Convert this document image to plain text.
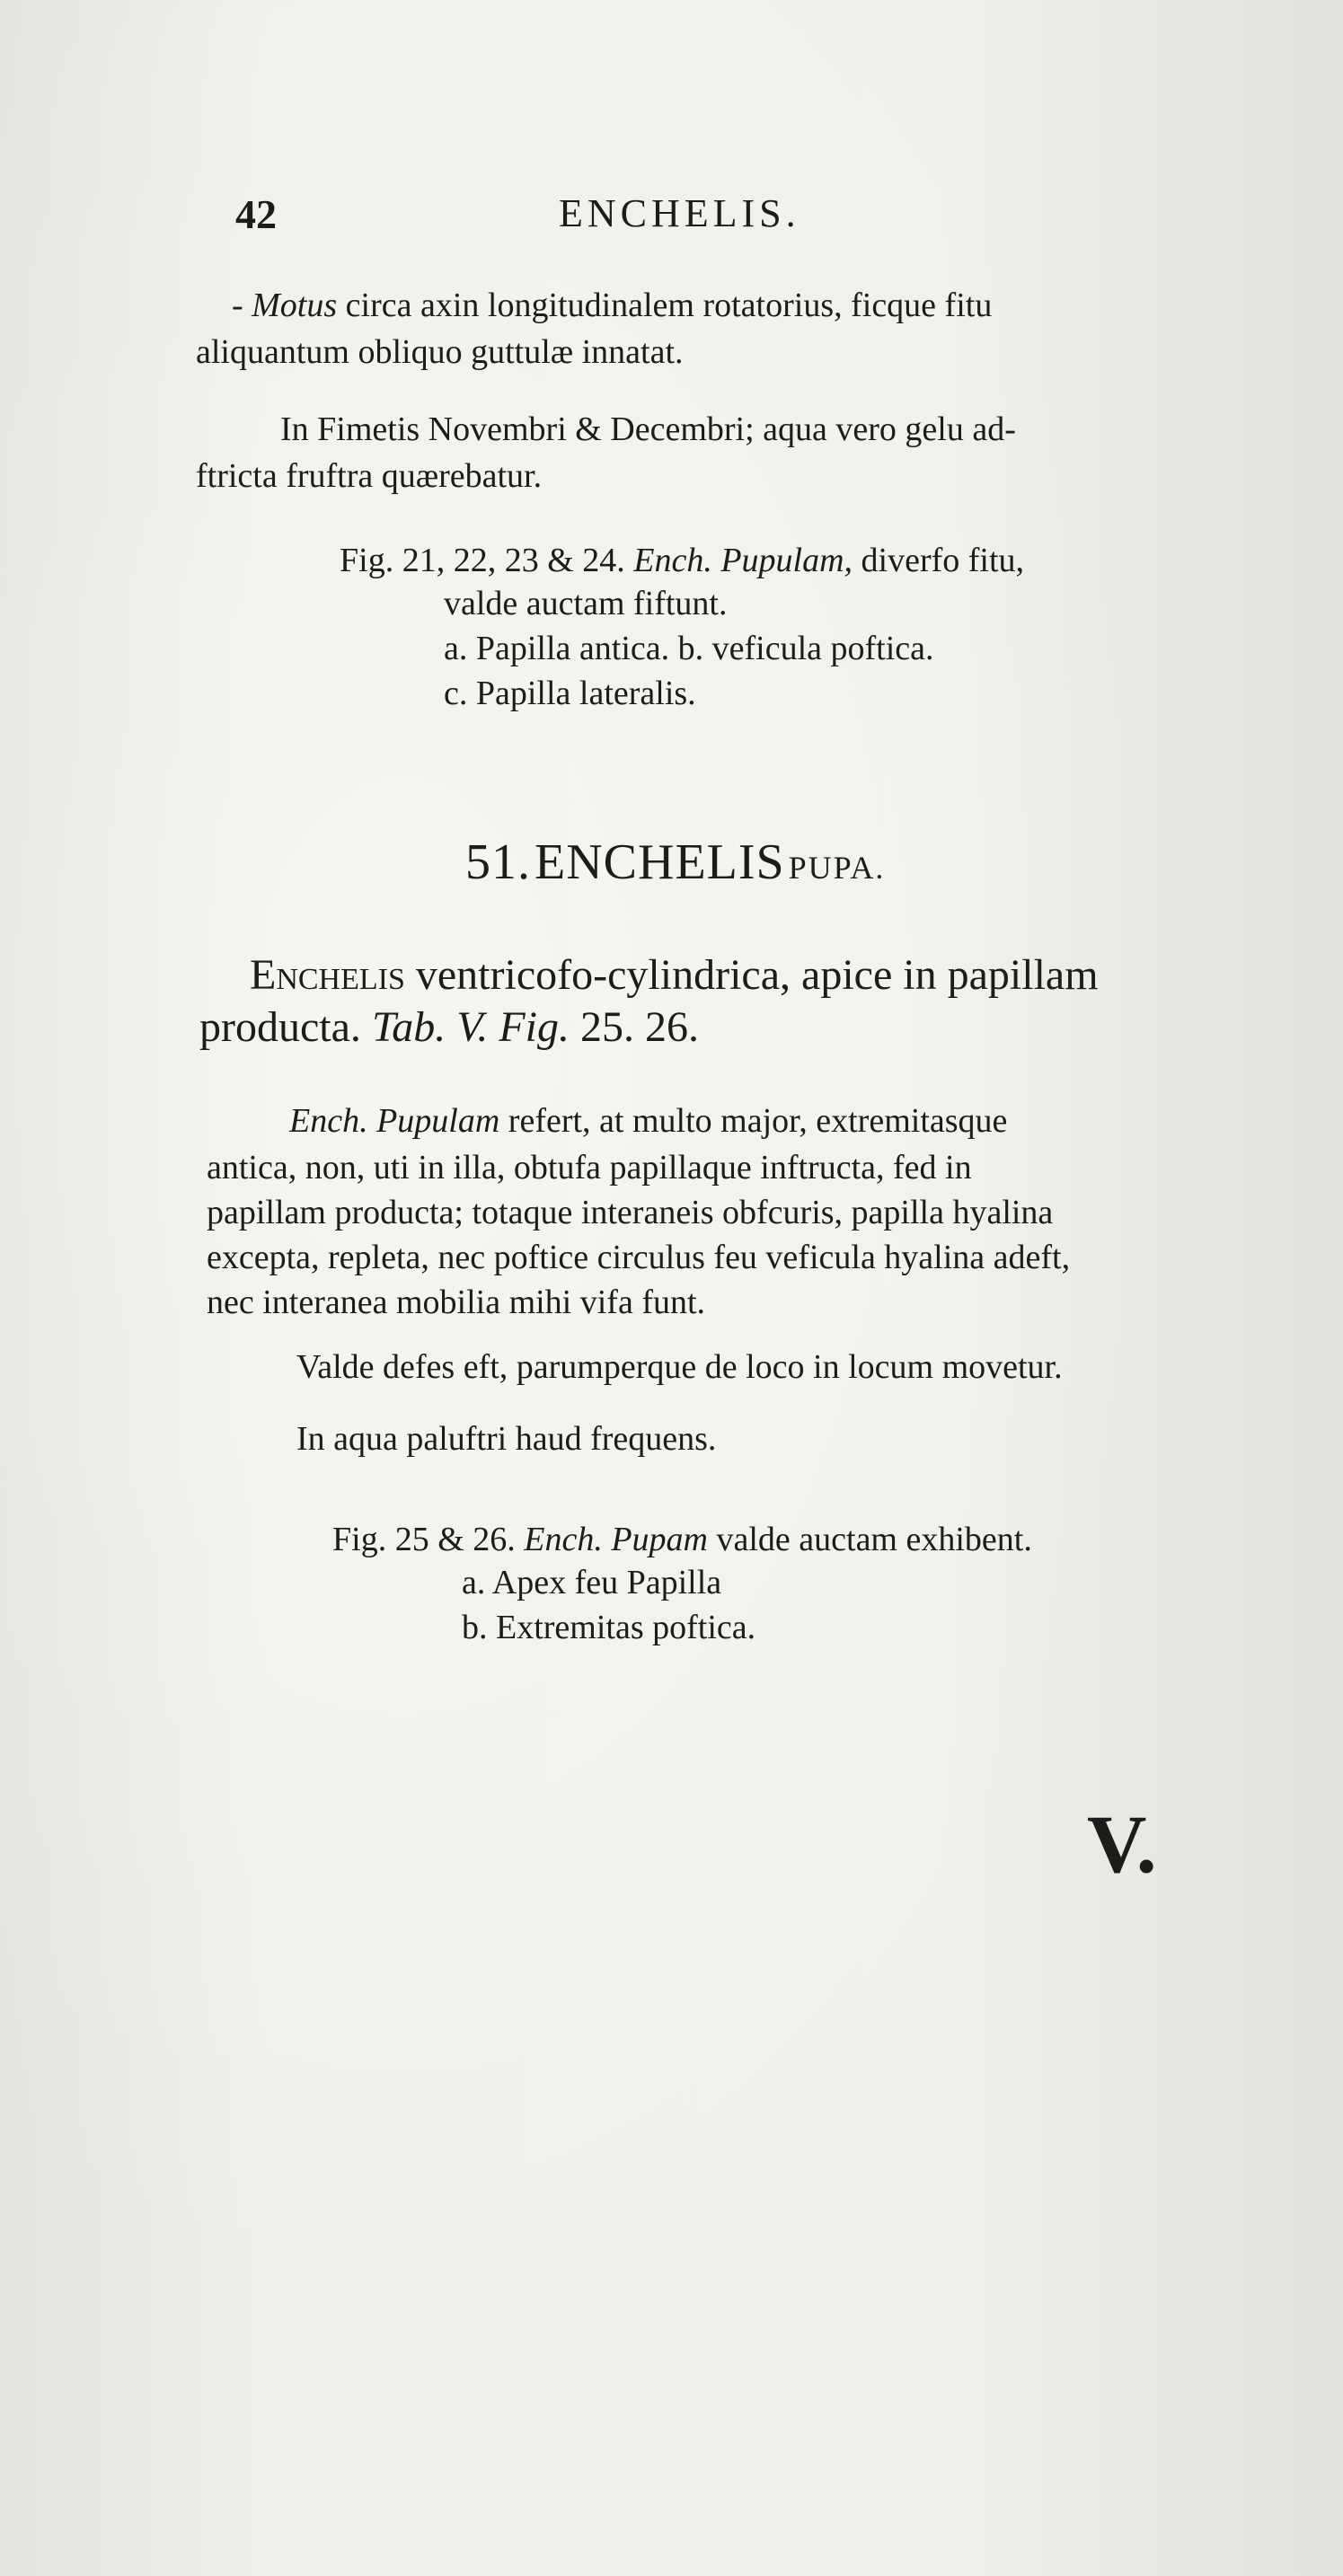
42	ENCHELIS.
- Motus circa axin longitudinalem rotatorius, ficque fitu
aliquantum obliquo guttulæ innatat.
In Fimetis Novembri & Decembri; aqua vero gelu ad-
ftricta fruftra quærebatur.
Fig. 21, 22, 23 & 24. Ench. Pupulam, diverfo fitu,
valde auctam fiftunt.
a. Papilla antica. b. veficula poftica.
c. Papilla lateralis.
51. ENCHELIS PUPA.
Enchelis ventricofo-cylindrica, apice in papillam
producta. Tab. V. Fig. 25. 26.
Ench. Pupulam refert, at multo major, extremitasque
antica, non, uti in illa, obtufa papillaque inftructa, fed in
papillam producta; totaque interaneis obfcuris, papilla hyalina
excepta, repleta, nec poftice circulus feu veficula hyalina adeft,
nec interanea mobilia mihi vifa funt.
Valde defes eft, parumperque de loco in locum movetur.
In aqua paluftri haud frequens.
Fig. 25 & 26. Ench. Pupam valde auctam exhibent.
a. Apex feu Papilla
b. Extremitas poftica.
V.
